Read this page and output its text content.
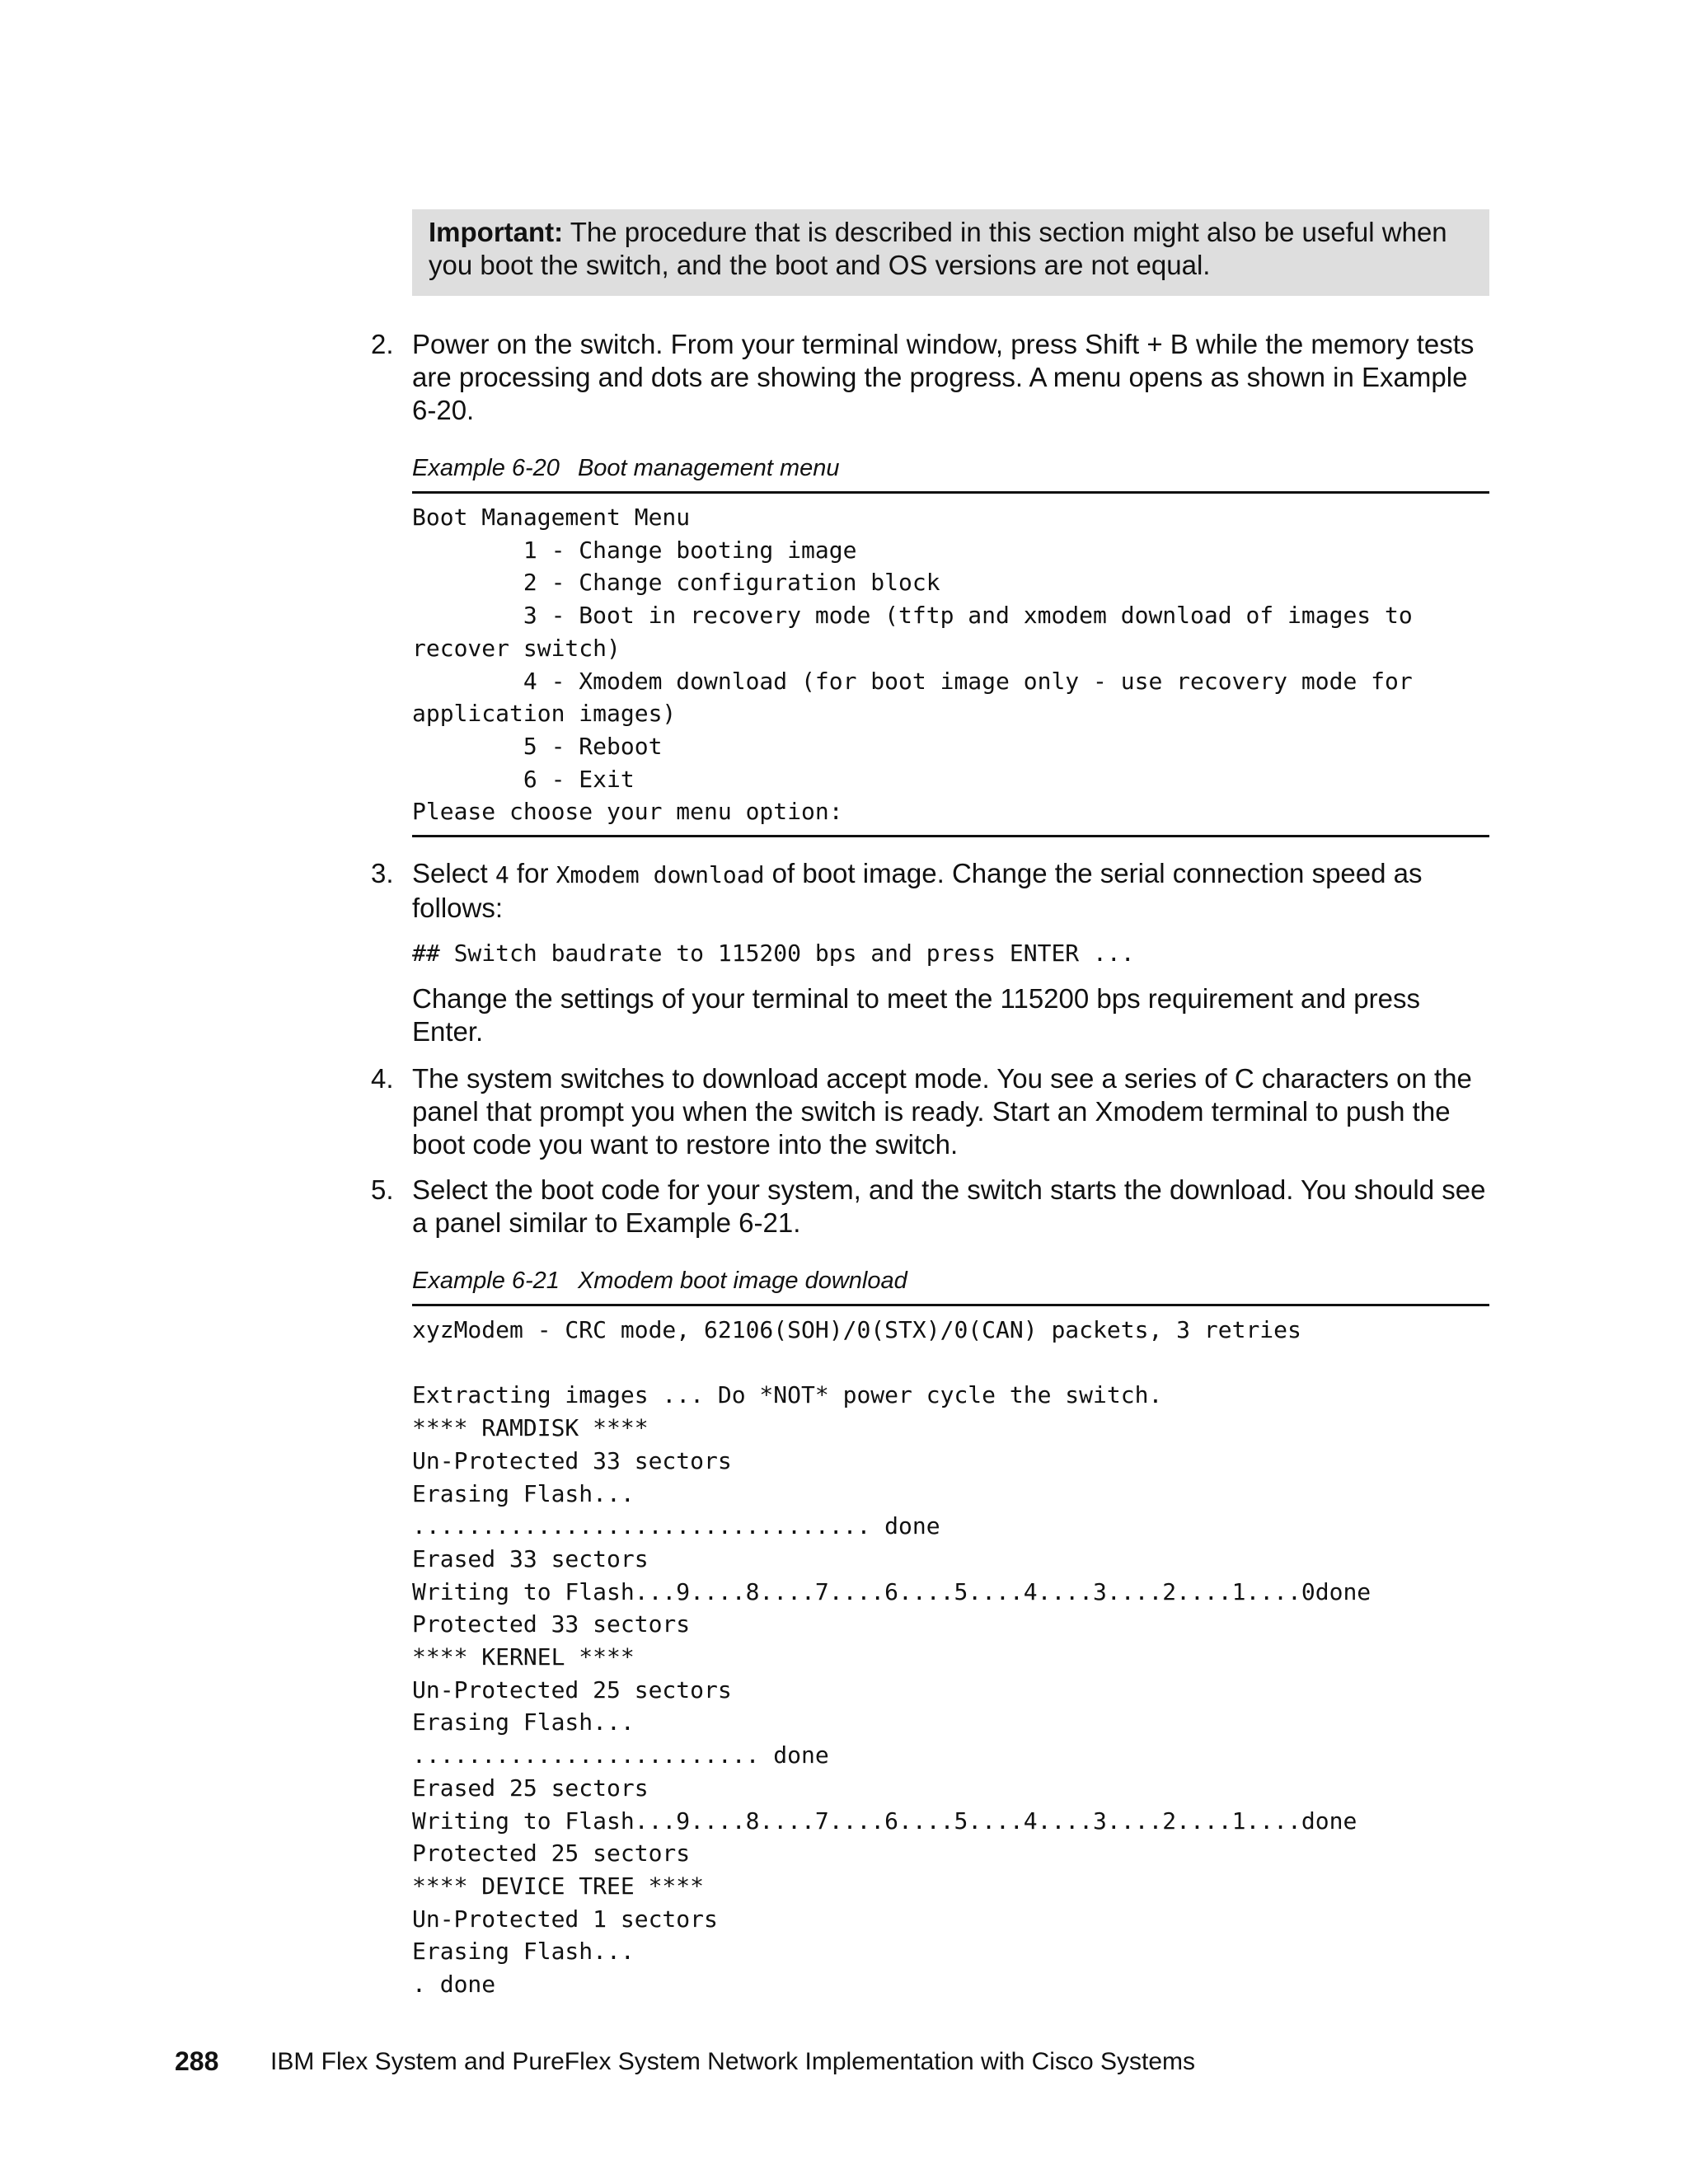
Important: The procedure that is described in this section might also be useful when you boot the switch, and the boot and OS versions are not equal.
2. Power on the switch. From your terminal window, press Shift + B while the memory tests are processing and dots are showing the progress. A menu opens as shown in Example 6-20.
Example 6-20 Boot management menu
Boot Management Menu
1 - Change booting image
2 - Change configuration block
3 - Boot in recovery mode (tftp and xmodem download of images to
recover switch)
4 - Xmodem download (for boot image only - use recovery mode for
application images)
5 - Reboot
6 - Exit
Please choose your menu option:
3. Select 4 for Xmodem download of boot image. Change the serial connection speed as follows:
## Switch baudrate to 115200 bps and press ENTER ...
Change the settings of your terminal to meet the 115200 bps requirement and press Enter.
4. The system switches to download accept mode. You see a series of C characters on the panel that prompt you when the switch is ready. Start an Xmodem terminal to push the boot code you want to restore into the switch.
5. Select the boot code for your system, and the switch starts the download. You should see a panel similar to Example 6-21.
Example 6-21 Xmodem boot image download
xyzModem - CRC mode, 62106(SOH)/0(STX)/0(CAN) packets, 3 retries

Extracting images ... Do *NOT* power cycle the switch.
**** RAMDISK ****
Un-Protected 33 sectors
Erasing Flash...
................................. done
Erased 33 sectors
Writing to Flash...9....8....7....6....5....4....3....2....1....0done
Protected 33 sectors
**** KERNEL ****
Un-Protected 25 sectors
Erasing Flash...
......................... done
Erased 25 sectors
Writing to Flash...9....8....7....6....5....4....3....2....1....done
Protected 25 sectors
**** DEVICE TREE ****
Un-Protected 1 sectors
Erasing Flash...
. done
288 IBM Flex System and PureFlex System Network Implementation with Cisco Systems
